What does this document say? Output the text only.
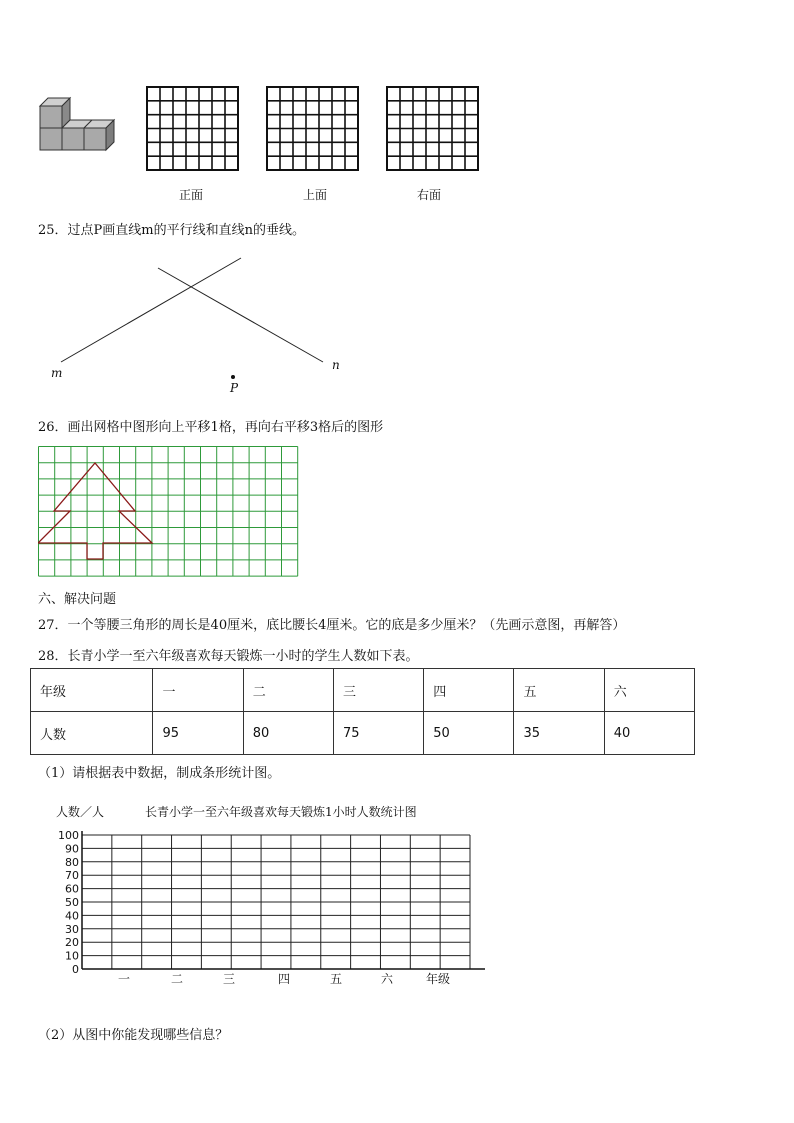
正面	上面	右面
25．过点P画直线m的平行线和直线n的垂线。
m
n
P
26．画出网格中图形向上平移1格，再向右平移3格后的图形
六、解决问题
27．一个等腰三角形的周长是40厘米，底比腰长4厘米。它的底是多少厘米？（先画示意图，再解答）
28．长青小学一至六年级喜欢每天锻炼一小时的学生人数如下表。
年级	一	二	三	四	五	六
人数	95	80	75	50	35	40
（1）请根据表中数据，制成条形统计图。
人数／人	长青小学一至六年级喜欢每天锻炼1小时人数统计图
0
10
20
30
40
50
60
70
80
90
100
一	二	三	四	五	六	年级
（2）从图中你能发现哪些信息？
